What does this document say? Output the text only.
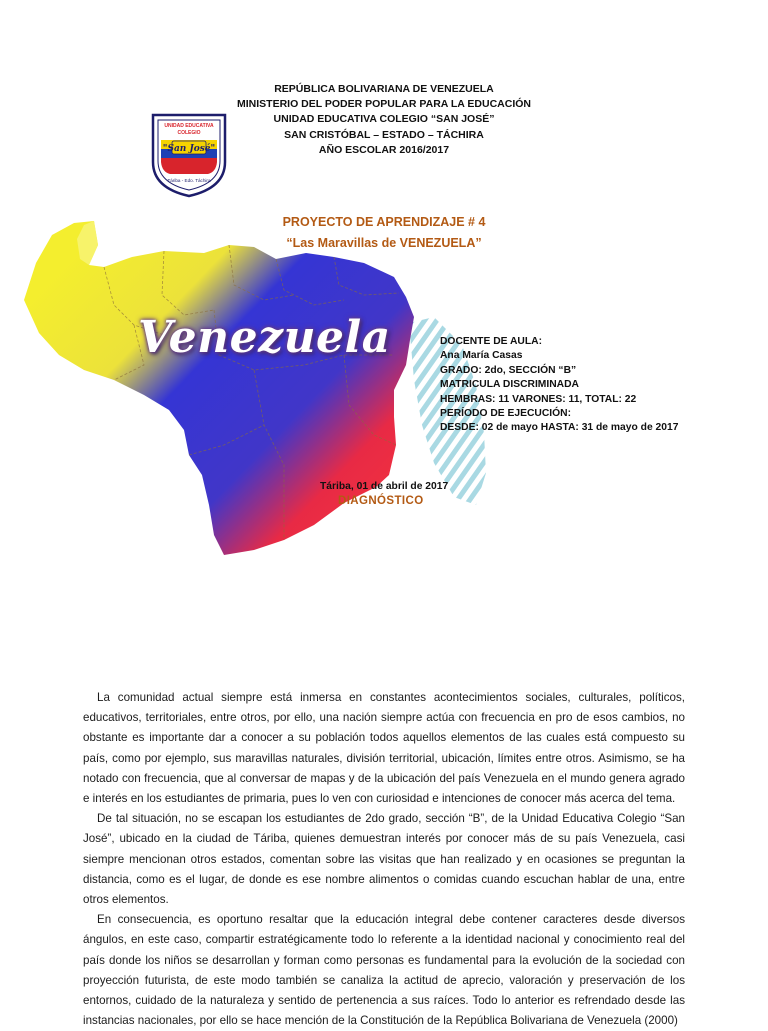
REPÚBLICA BOLIVARIANA DE VENEZUELA
MINISTERIO DEL PODER POPULAR PARA LA EDUCACIÓN
UNIDAD EDUCATIVA COLEGIO “SAN JOSÉ”
SAN CRISTÓBAL – ESTADO – TÁCHIRA
AÑO ESCOLAR 2016/2017
"San José"
UNIDAD EDUCATIVA
COLEGIO
Táriba - Edo. Táchira
PROYECTO DE APRENDIZAJE # 4
“Las Maravillas de VENEZUELA”
Venezuela	DOCENTE DE AULA:
Ana María Casas
GRADO: 2do, SECCIÓN “B”
MATRICULA DISCRIMINADA
HEMBRAS: 11 VARONES: 11, TOTAL: 22
PERÍODO DE EJECUCIÓN:
DESDE: 02 de mayo HASTA: 31 de mayo de 2017
Táriba, 01 de abril de 2017
DIAGNÓSTICO

La comunidad actual siempre está inmersa en constantes acontecimientos sociales, culturales, políticos, educativos, territoriales, entre otros, por ello, una nación siempre actúa con frecuencia en pro de esos cambios, no obstante es importante dar a conocer a su población todos aquellos elementos de las cuales está compuesto su país, como por ejemplo, sus maravillas naturales, división territorial, ubicación, límites entre otros. Asimismo, se ha notado con frecuencia, que al conversar de mapas y de la ubicación del país Venezuela en el mundo genera agrado e interés en los estudiantes de primaria, pues lo ven con curiosidad e intenciones de conocer más acerca del tema.

De tal situación, no se escapan los estudiantes de 2do grado, sección “B”, de la Unidad Educativa Colegio “San José”, ubicado en la ciudad de Táriba, quienes demuestran interés por conocer más de su país Venezuela, casi siempre mencionan otros estados, comentan sobre las visitas que han realizado y en ocasiones se preguntan la distancia, como es el lugar, de donde es ese nombre alimentos o comidas cuando escuchan hablar de una, entre otros elementos.

En consecuencia, es oportuno resaltar que la educación integral debe contener caracteres desde diversos ángulos, en este caso, compartir estratégicamente todo lo referente a la identidad nacional y conocimiento real del país donde los niños se desarrollan y forman como personas es fundamental para la evolución de la sociedad con proyección futurista, de este modo también se canaliza la actitud de aprecio, valoración y preservación de los entornos, cuidado de la naturaleza y sentido de pertenencia a sus raíces. Todo lo anterior es refrendado desde las instancias nacionales, por ello se hace mención de la Constitución de la República Bolivariana de Venezuela (2000)
